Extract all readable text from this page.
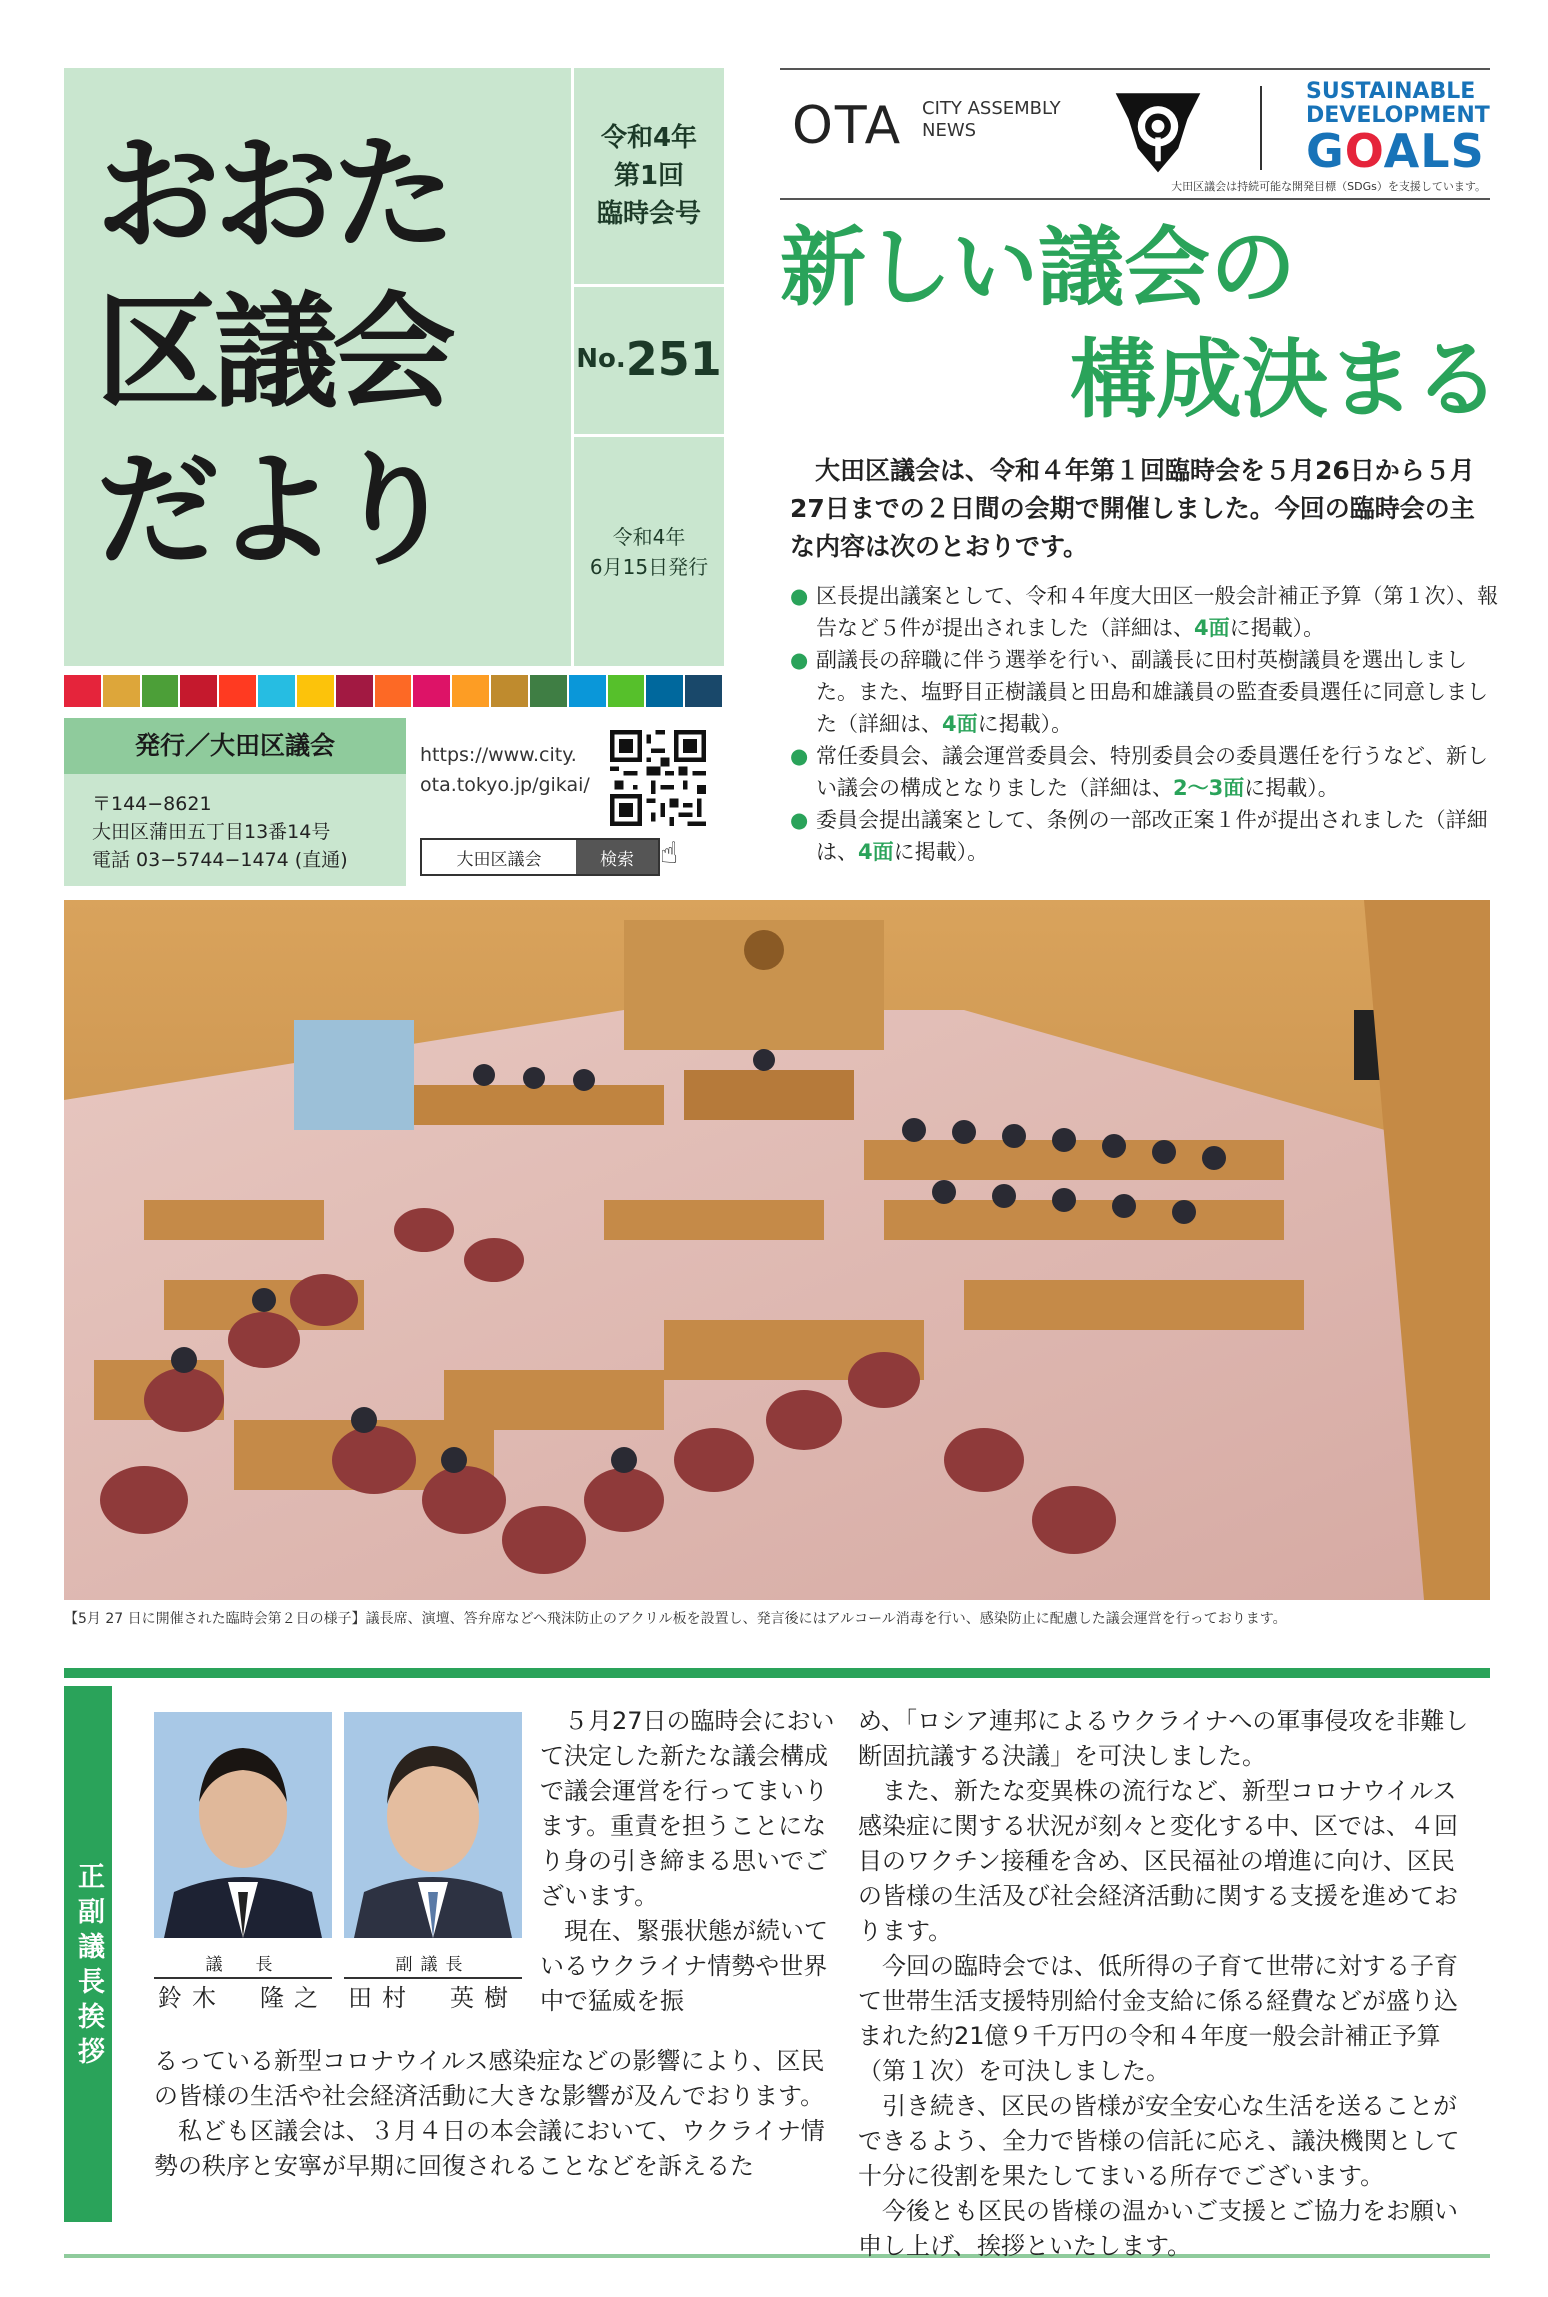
おおた
区議会
だより
令和4年
第1回
臨時会号
No. 251
令和4年
6月15日発行
発行／大田区議会
〒144−8621
大田区蒲田五丁目13番14号
電話 03−5744−1474 (直通)
https://www.city.
ota.tokyo.jp/gikai/
大田区議会	検索 ☝
OTA CITY ASSEMBLY
NEWS
SUSTAINABLE
DEVELOPMENT
GOALS
大田区議会は持続可能な開発目標（SDGs）を支援しています。
新しい議会の
構成決まる
大田区議会は、令和４年第１回臨時会を５月26日から５月27日までの２日間の会期で開催しました。今回の臨時会の主な内容は次のとおりです。
● 区長提出議案として、令和４年度大田区一般会計補正予算（第１次）、報告など５件が提出されました（詳細は、4面に掲載）。
● 副議長の辞職に伴う選挙を行い、副議長に田村英樹議員を選出しました。また、塩野目正樹議員と田島和雄議員の監査委員選任に同意しました（詳細は、4面に掲載）。
● 常任委員会、議会運営委員会、特別委員会の委員選任を行うなど、新しい議会の構成となりました（詳細は、2〜3面に掲載）。
● 委員会提出議案として、条例の一部改正案１件が提出されました（詳細は、4面に掲載）。
【5月 27 日に開催された臨時会第２日の様子】議長席、演壇、答弁席などへ飛沫防止のアクリル板を設置し、発言後にはアルコール消毒を行い、感染防止に配慮した議会運営を行っております。
正副議長挨拶	議　長
鈴木　隆之
副議長
田村　英樹

５月27日の臨時会において決定した新たな議会構成で議会運営を行ってまいります。重責を担うことになり身の引き締まる思いでございます。

現在、緊張状態が続いているウクライナ情勢や世界中で猛威を振

るっている新型コロナウイルス感染症などの影響により、区民の皆様の生活や社会経済活動に大きな影響が及んでおります。

私ども区議会は、３月４日の本会議において、ウクライナ情勢の秩序と安寧が早期に回復されることなどを訴えるた

め、「ロシア連邦によるウクライナへの軍事侵攻を非難し断固抗議する決議」を可決しました。

また、新たな変異株の流行など、新型コロナウイルス感染症に関する状況が刻々と変化する中、区では、４回目のワクチン接種を含め、区民福祉の増進に向け、区民の皆様の生活及び社会経済活動に関する支援を進めております。

今回の臨時会では、低所得の子育て世帯に対する子育て世帯生活支援特別給付金支給に係る経費などが盛り込まれた約21億９千万円の令和４年度一般会計補正予算（第１次）を可決しました。

引き続き、区民の皆様が安全安心な生活を送ることができるよう、全力で皆様の信託に応え、議決機関として十分に役割を果たしてまいる所存でございます。

今後とも区民の皆様の温かいご支援とご協力をお願い申し上げ、挨拶といたします。
